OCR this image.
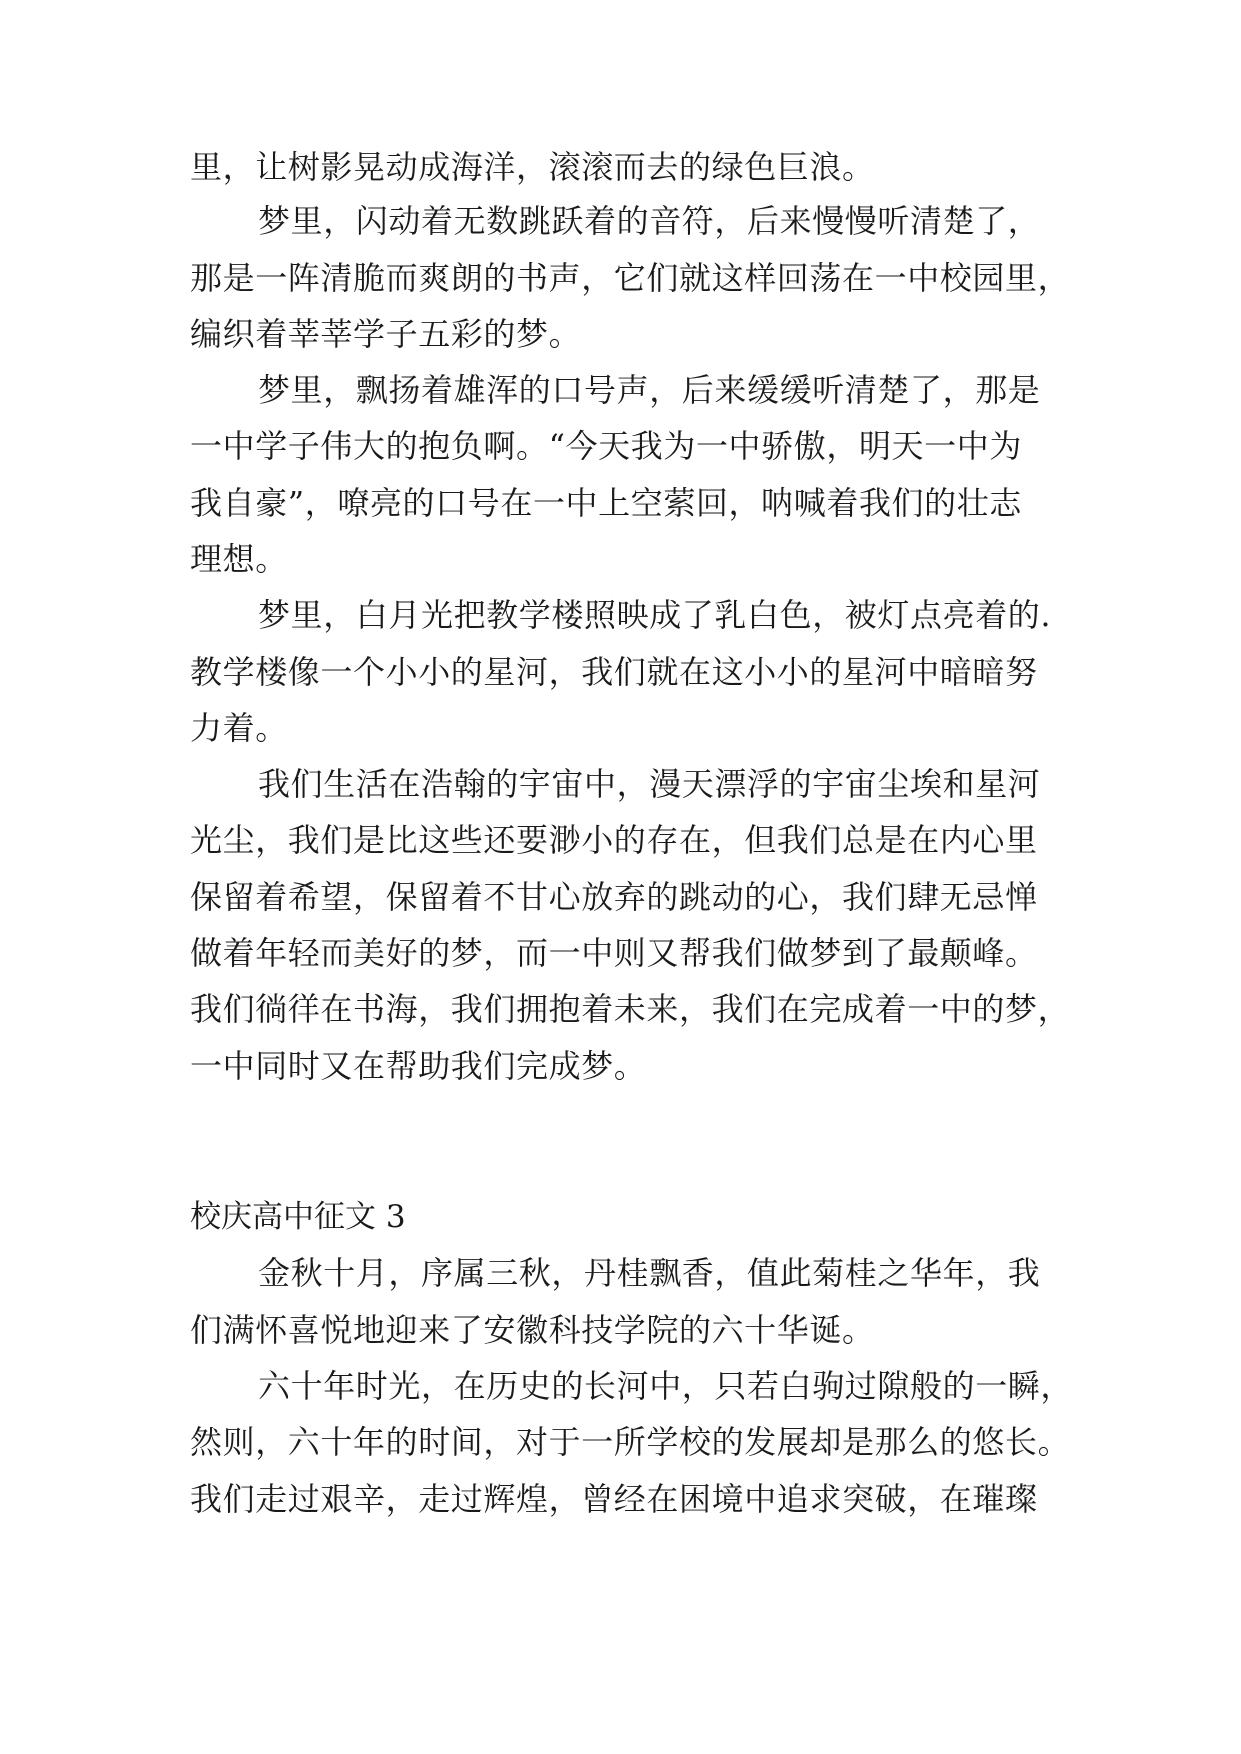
里，让树影晃动成海洋，滚滚而去的绿色巨浪。
梦里，闪动着无数跳跃着的音符，后来慢慢听清楚了，
那是一阵清脆而爽朗的书声，它们就这样回荡在一中校园里，
编织着莘莘学子五彩的梦。
梦里，飘扬着雄浑的口号声，后来缓缓听清楚了，那是
一中学子伟大的抱负啊。“今天我为一中骄傲，明天一中为
我自豪”，嘹亮的口号在一中上空萦回，呐喊着我们的壮志
理想。
梦里，白月光把教学楼照映成了乳白色，被灯点亮着的.
教学楼像一个小小的星河，我们就在这小小的星河中暗暗努
力着。
我们生活在浩翰的宇宙中，漫天漂浮的宇宙尘埃和星河
光尘，我们是比这些还要渺小的存在，但我们总是在内心里
保留着希望，保留着不甘心放弃的跳动的心，我们肆无忌惮
做着年轻而美好的梦，而一中则又帮我们做梦到了最颠峰。
我们徜徉在书海，我们拥抱着未来，我们在完成着一中的梦，
一中同时又在帮助我们完成梦。
校庆高中征文 3
金秋十月，序属三秋，丹桂飘香，值此菊桂之华年，我
们满怀喜悦地迎来了安徽科技学院的六十华诞。
六十年时光，在历史的长河中，只若白驹过隙般的一瞬，
然则，六十年的时间，对于一所学校的发展却是那么的悠长。
我们走过艰辛，走过辉煌，曾经在困境中追求突破，在璀璨
